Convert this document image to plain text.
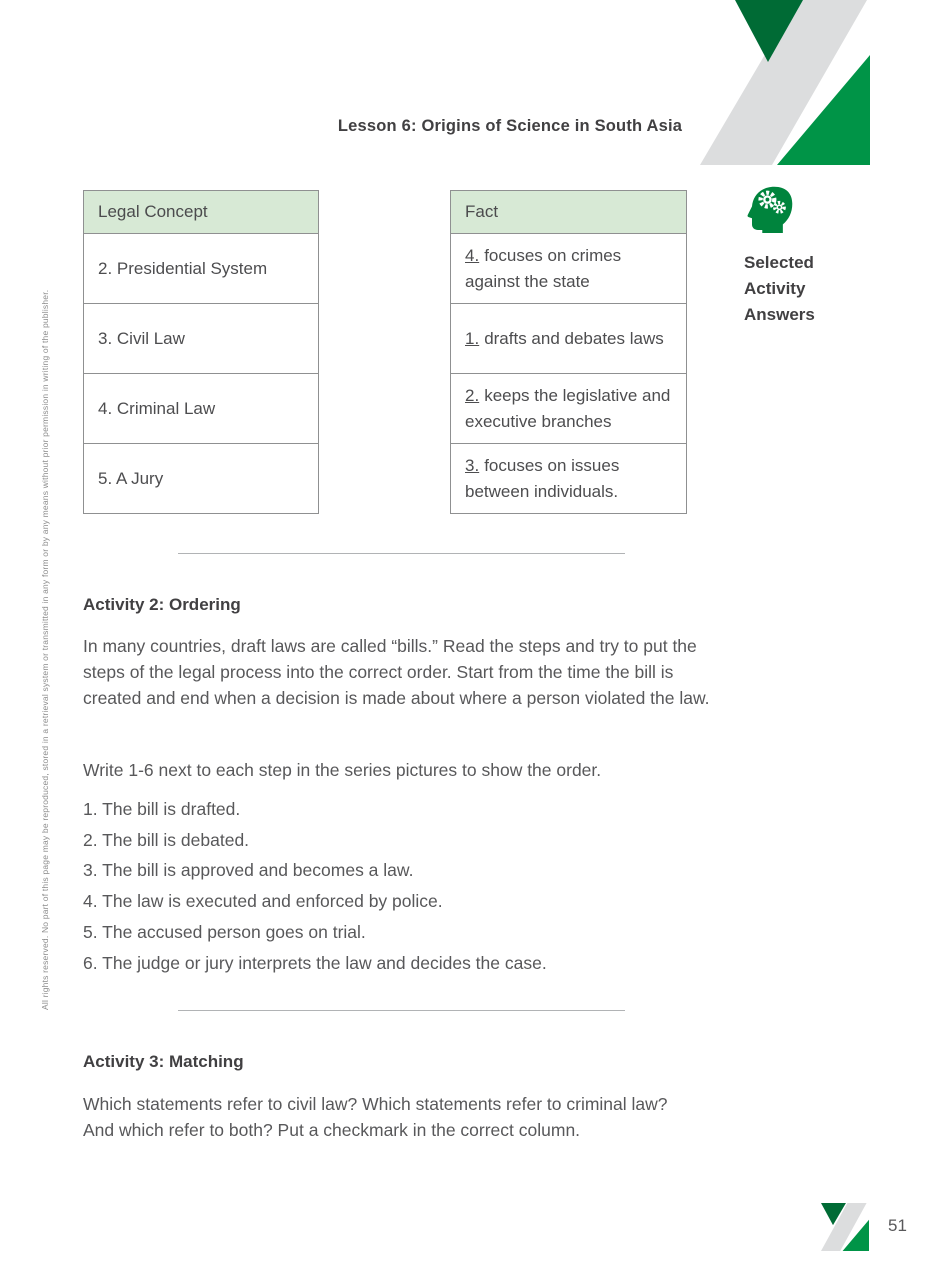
Lesson 6: Origins of Science in South Asia
All rights reserved. No part of this page may be reproduced, stored in a retrieval system or transmitted in any form or by any means without prior permission in writing of the publisher.
Legal Concept
2. Presidential System
3. Civil Law
4. Criminal Law
5. A Jury
Fact
4. focuses on crimes against the state
1. drafts and debates laws
2. keeps the legislative and executive branches
3. focuses on issues between individuals.
Selected
Activity
Answers
Activity 2: Ordering
In many countries, draft laws are called “bills.” Read the steps and try to put the steps of the legal process into the correct order. Start from the time the bill is created and end when a decision is made about where a person violated the law.
Write 1-6 next to each step in the series pictures to show the order.
1. The bill is drafted.
2. The bill is debated.
3. The bill is approved and becomes a law.
4. The law is executed and enforced by police.
5. The accused person goes on trial.
6. The judge or jury interprets the law and decides the case.
Activity 3: Matching
Which statements refer to civil law? Which statements refer to criminal law? And which refer to both? Put a checkmark in the correct column.
51
